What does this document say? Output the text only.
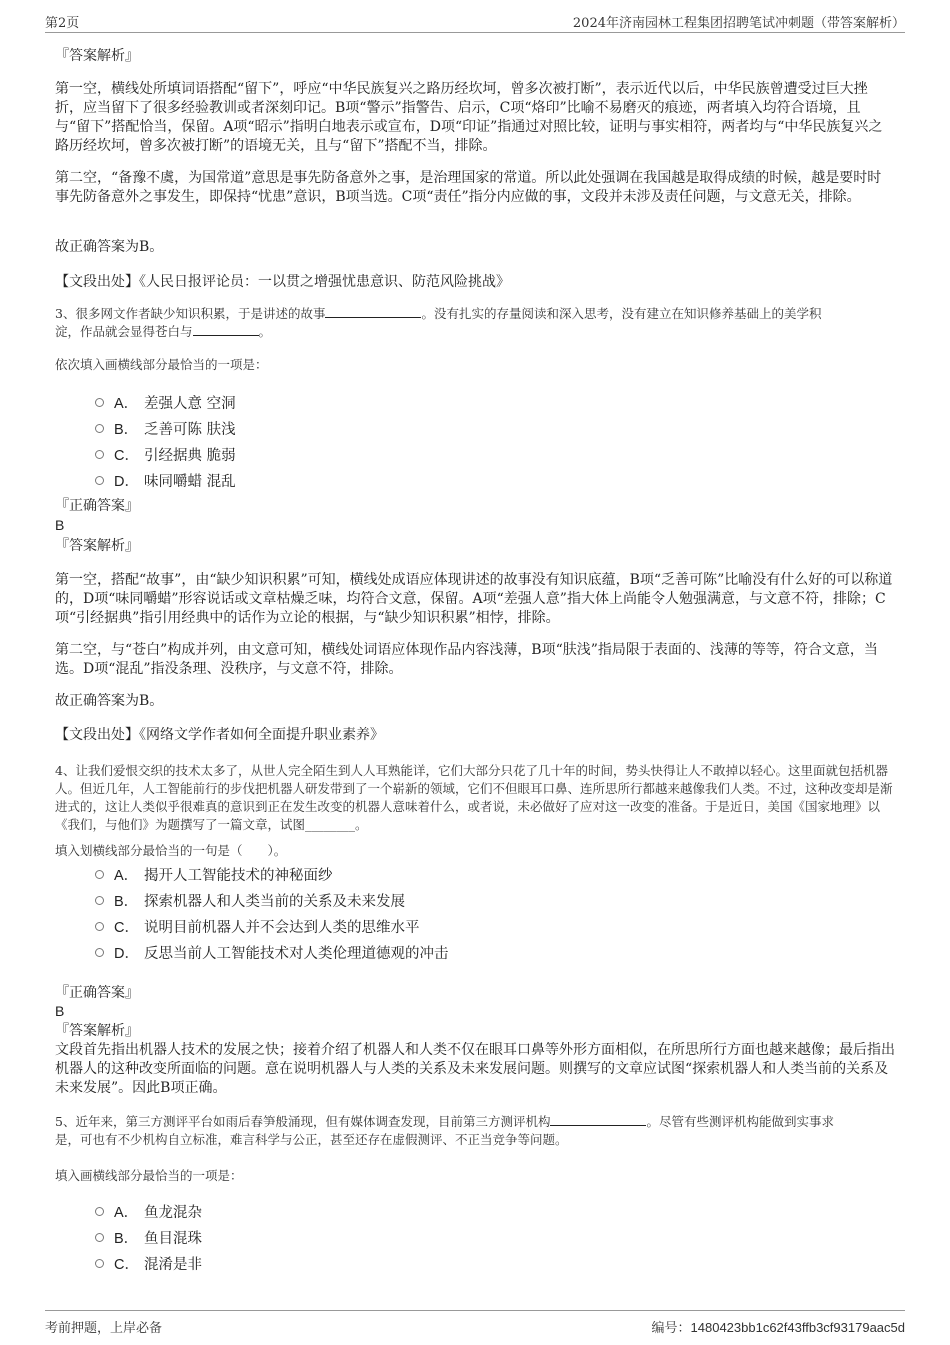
第2页	2024年济南园林工程集团招聘笔试冲刺题（带答案解析）
『答案解析』

第一空，横线处所填词语搭配“留下”，呼应“中华民族复兴之路历经坎坷，曾多次被打断”，表示近代以后，中华民族曾遭受过巨大挫折，应当留下了很多经验教训或者深刻印记。B项“警示”指警告、启示，C项“烙印”比喻不易磨灭的痕迹，两者填入均符合语境，且与“留下”搭配恰当，保留。A项“昭示”指明白地表示或宣布，D项“印证”指通过对照比较，证明与事实相符，两者均与“中华民族复兴之路历经坎坷，曾多次被打断”的语境无关，且与“留下”搭配不当，排除。

第二空，“备豫不虞，为国常道”意思是事先防备意外之事，是治理国家的常道。所以此处强调在我国越是取得成绩的时候，越是要时时事先防备意外之事发生，即保持“忧患”意识，B项当选。C项“责任”指分内应做的事，文段并未涉及责任问题，与文意无关，排除。

故正确答案为B。
【文段出处】《人民日报评论员：一以贯之增强忧患意识、防范风险挑战》
3、很多网文作者缺少知识积累，于是讲述的故事	。没有扎实的存量阅读和深入思考，没有建立在知识修养基础上的美学积
淀，作品就会显得苍白与	。
依次填入画横线部分最恰当的一项是：
A． 差强人意 空洞
B． 乏善可陈 肤浅
C． 引经据典 脆弱
D． 味同嚼蜡 混乱
『正确答案』
B
『答案解析』

第一空，搭配“故事”，由“缺少知识积累”可知，横线处成语应体现讲述的故事没有知识底蕴，B项“乏善可陈”比喻没有什么好的可以称道的，D项“味同嚼蜡”形容说话或文章枯燥乏味，均符合文意，保留。A项“差强人意”指大体上尚能令人勉强满意，与文意不符，排除；C项“引经据典”指引用经典中的话作为立论的根据，与“缺少知识积累”相悖，排除。

第二空，与“苍白”构成并列，由文意可知，横线处词语应体现作品内容浅薄，B项“肤浅”指局限于表面的、浅薄的等等，符合文意，当选。D项“混乱”指没条理、没秩序，与文意不符，排除。

故正确答案为B。
【文段出处】《网络文学作者如何全面提升职业素养》

4、让我们爱恨交织的技术太多了，从世人完全陌生到人人耳熟能详，它们大部分只花了几十年的时间，势头快得让人不敢掉以轻心。这里面就包括机器人。但近几年，人工智能前行的步伐把机器人研发带到了一个崭新的领域，它们不但眼耳口鼻、连所思所行都越来越像我们人类。不过，这种改变却是渐进式的，这让人类似乎很难真的意识到正在发生改变的机器人意味着什么，或者说，未必做好了应对这一改变的准备。于是近日，美国《国家地理》以《我们，与他们》为题撰写了一篇文章，试图________。

填入划横线部分最恰当的一句是（　　）。
A． 揭开人工智能技术的神秘面纱
B． 探索机器人和人类当前的关系及未来发展
C． 说明目前机器人并不会达到人类的思维水平
D． 反思当前人工智能技术对人类伦理道德观的冲击
『正确答案』
B
『答案解析』

文段首先指出机器人技术的发展之快；接着介绍了机器人和人类不仅在眼耳口鼻等外形方面相似，在所思所行方面也越来越像；最后指出机器人的这种改变所面临的问题。意在说明机器人与人类的关系及未来发展问题。则撰写的文章应试图“探索机器人和人类当前的关系及未来发展”。因此B项正确。

5、近年来，第三方测评平台如雨后春笋般涌现，但有媒体调查发现，目前第三方测评机构	。尽管有些测评机构能做到实事求
是，可也有不少机构自立标准，难言科学与公正，甚至还存在虚假测评、不正当竞争等问题。
填入画横线部分最恰当的一项是：
A． 鱼龙混杂
B． 鱼目混珠
C． 混淆是非
考前押题，上岸必备	编号：1480423bb1c62f43ffb3cf93179aac5d
